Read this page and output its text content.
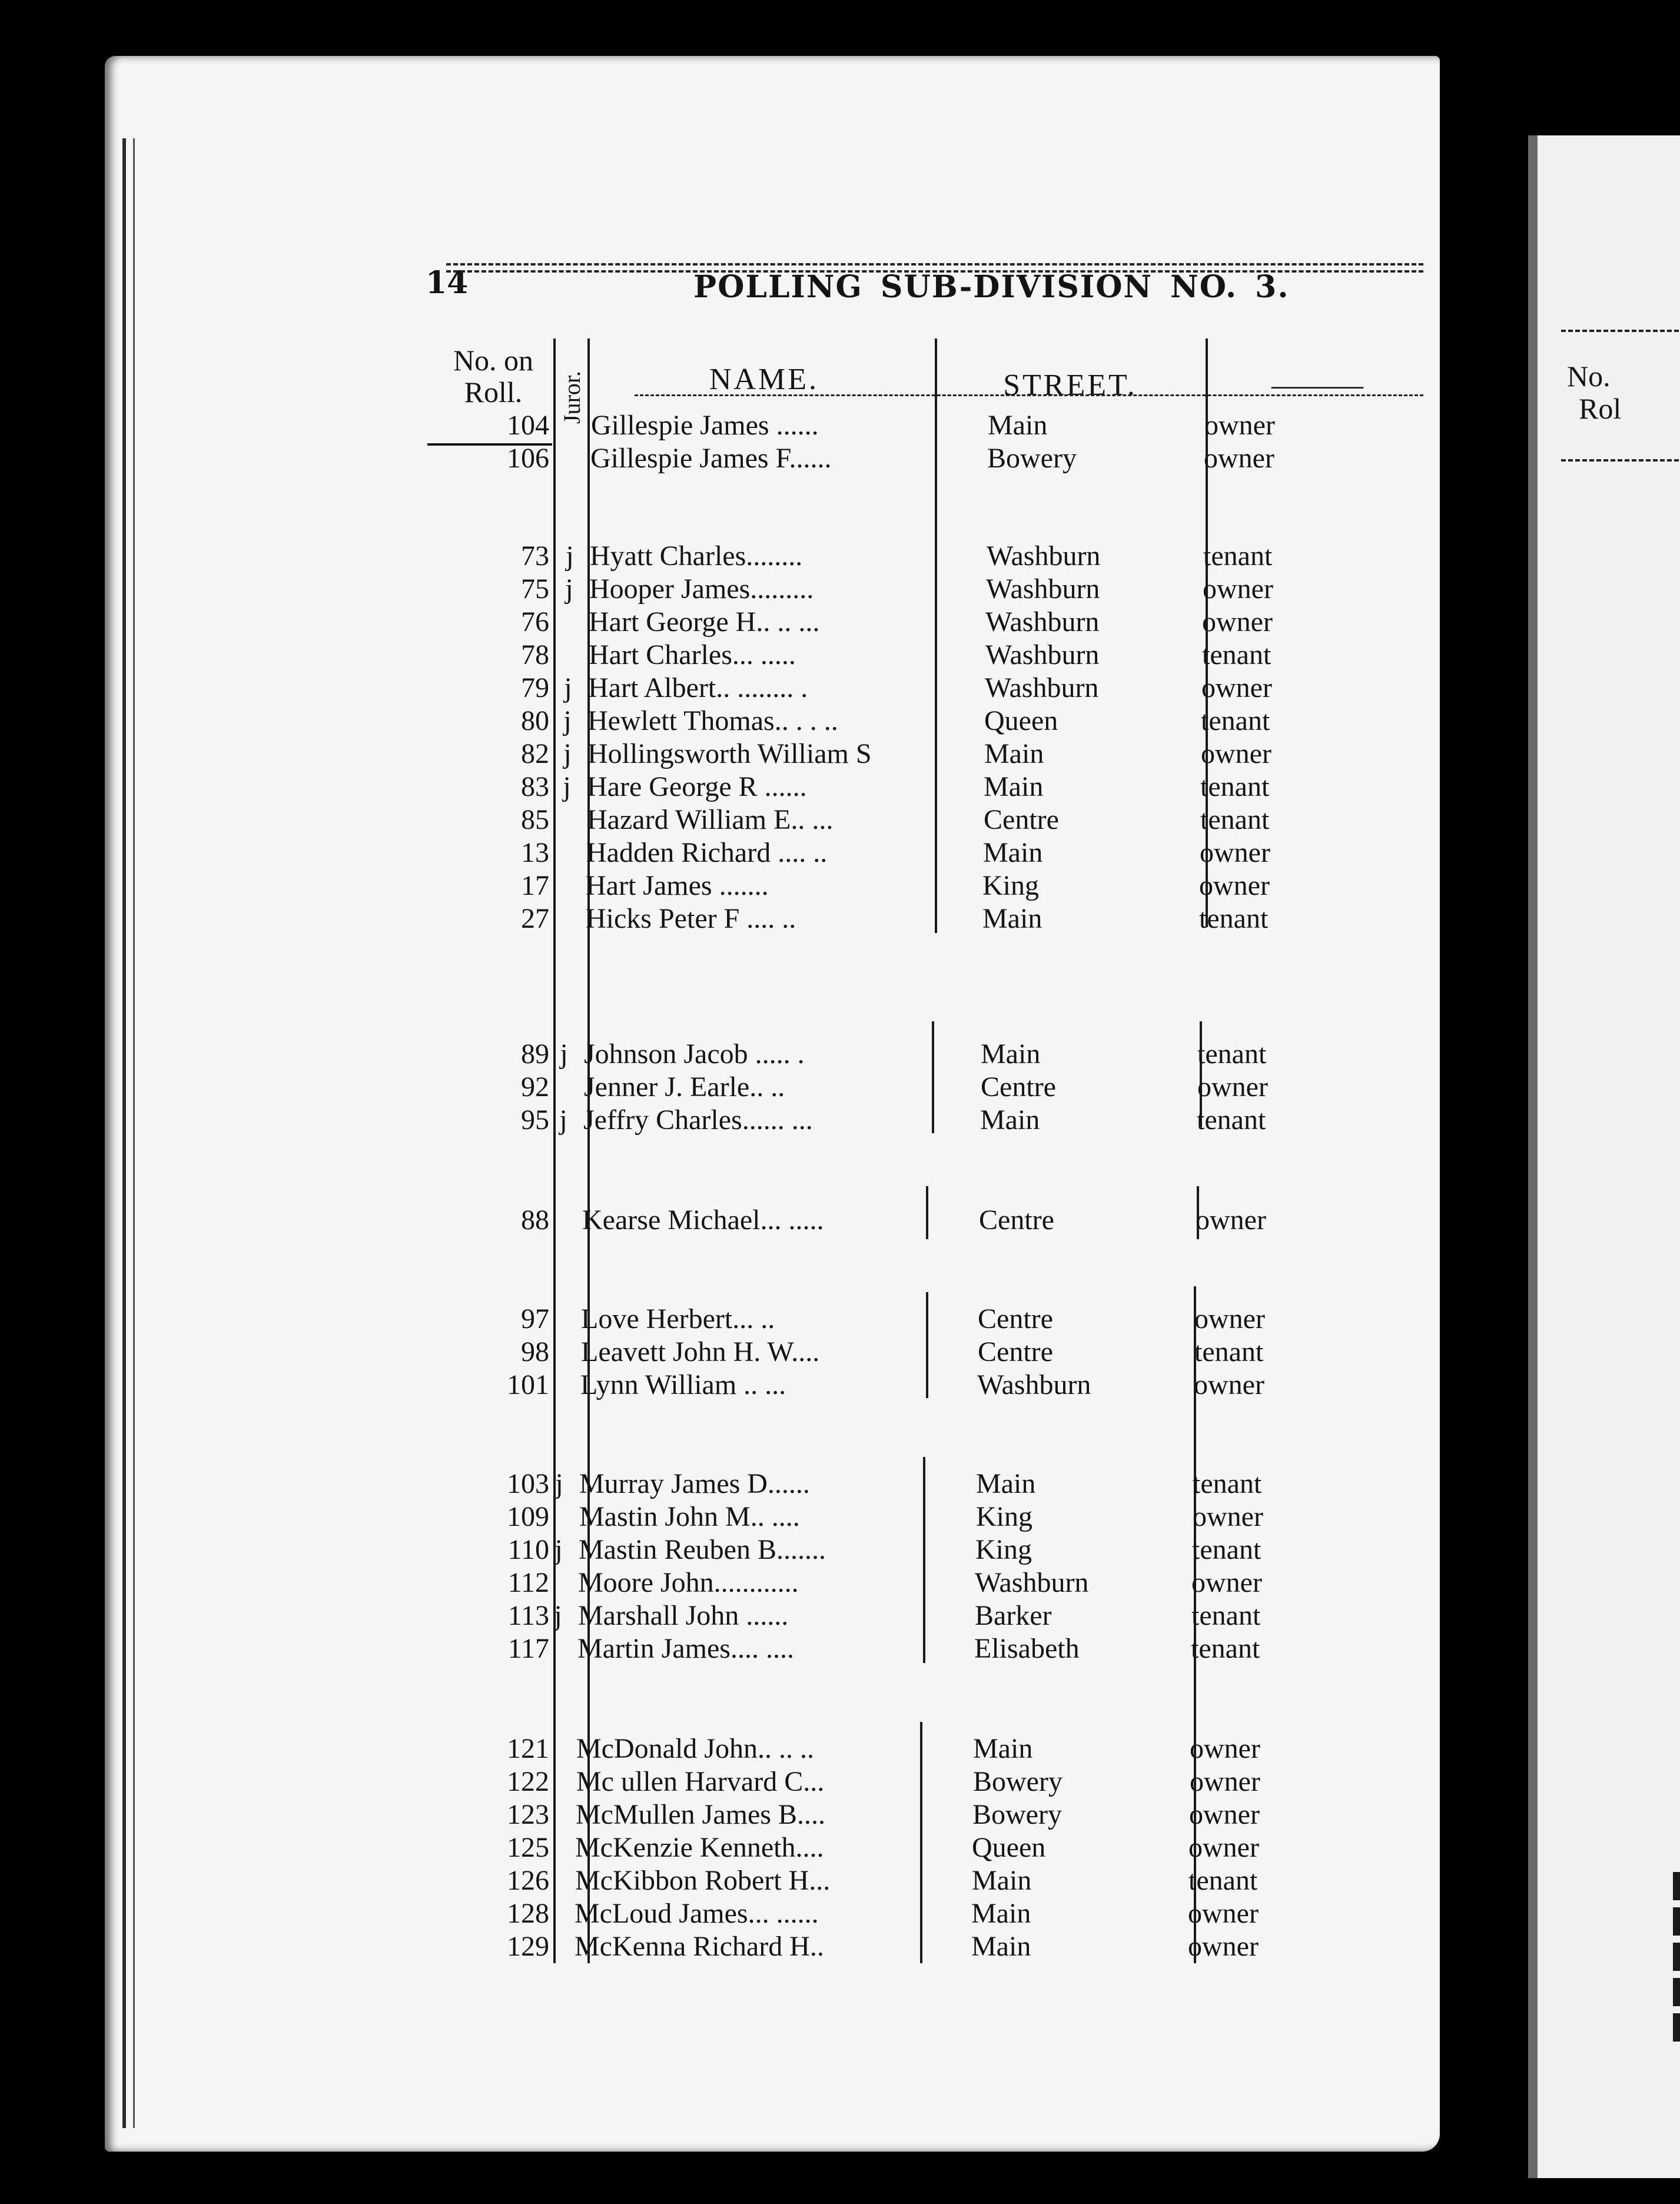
14	POLLING SUB-DIVISION NO. 3.
No. on Roll.	Juror.	NAME.	STREET.	———
104 Gillespie James ......	Main	owner
106 Gillespie James F......	Bowery	owner
73 j Hyatt Charles........	Washburn	tenant
75 j Hooper James.........	Washburn	owner
76 Hart George H.. .. ...	Washburn	owner
78 Hart Charles... .....	Washburn	tenant
79 j Hart Albert.. ........ .	Washburn	owner
80 j Hewlett Thomas.. . . ..	Queen	tenant
82 j Hollingsworth William S	Main	owner
83 j Hare George R ......	Main	tenant
85 Hazard William E.. ...	Centre	tenant
13 Hadden Richard .... ..	Main	owner
17 Hart James .......	King	owner
27 Hicks Peter F .... ..	Main	tenant
89 j Johnson Jacob ..... .	Main	tenant
92 Jenner J. Earle.. ..	Centre	owner
95 j Jeffry Charles...... ...	Main	tenant
88 Kearse Michael... .....	Centre	owner
97 Love Herbert... ..	Centre	owner
98 Leavett John H. W....	Centre	tenant
101 Lynn William .. ...	Washburn	owner
103 j Murray James D......	Main	tenant
109 Mastin John M.. ....	King	owner
110 j Mastin Reuben B.......	King	tenant
112 Moore John............	Washburn	owner
113 j Marshall John ......	Barker	tenant
117 Martin James.... ....	Elisabeth	tenant
121 McDonald John.. .. ..	Main	owner
122 Mc ullen Harvard C...	Bowery	owner
123 McMullen James B....	Bowery	owner
125 McKenzie Kenneth....	Queen	owner
126 McKibbon Robert H...	Main	tenant
128 McLoud James... ......	Main	owner
129 McKenna Richard H..	Main	owner
No.
Rol
